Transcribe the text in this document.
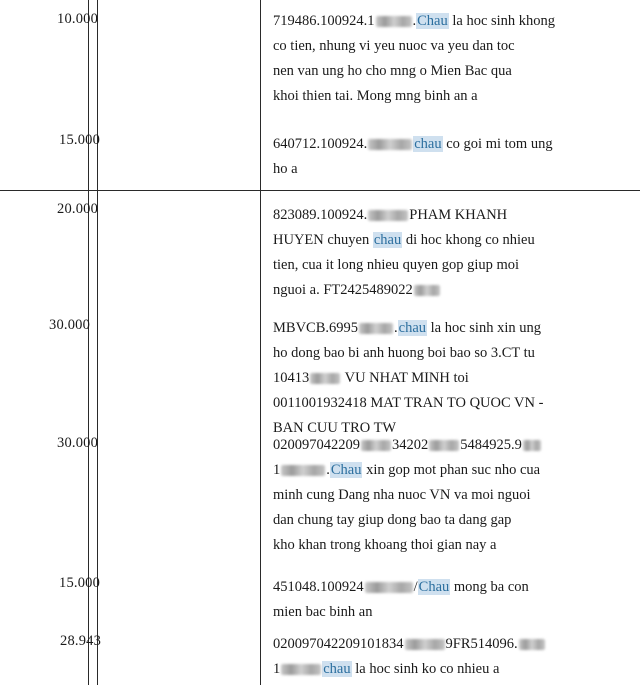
10.000	719486.100924.1	.Chau la hoc sinh khong
co tien, nhung vi yeu nuoc va yeu dan toc
nen van ung ho cho mng o Mien Bac qua
khoi thien tai. Mong mng binh an a
15.000	640712.100924.	chau co goi mi tom ung
ho a
20.000	823089.100924.	PHAM KHANH
HUYEN chuyen chau di hoc khong co nhieu
tien, cua it long nhieu quyen gop giup moi
nguoi a. FT2425489022
30.000	MBVCB.6995 .chau la hoc sinh xin ung
ho dong bao bi anh huong boi bao so 3.CT tu
10413 VU NHAT MINH toi
0011001932418 MAT TRAN TO QUOC VN -
BAN CUU TRO TW
30.000	020097042209 34202 5484925.9
1	.Chau xin gop mot phan suc nho cua
minh cung Dang nha nuoc VN va moi nguoi
dan chung tay giup dong bao ta dang gap
kho khan trong khoang thoi gian nay a
15.000	451048.100924	/Chau mong ba con
mien bac binh an
28.943	020097042209101834	9FR514096.
1	chau la hoc sinh ko co nhieu a
